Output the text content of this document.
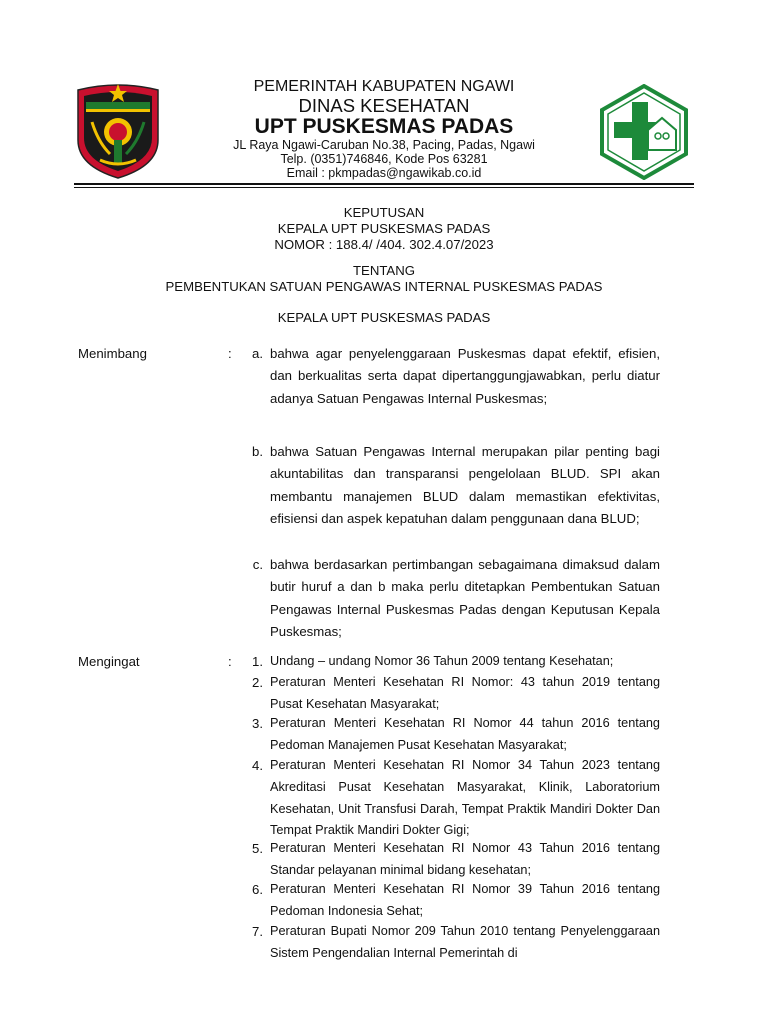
PEMERINTAH KABUPATEN NGAWI
DINAS KESEHATAN
UPT PUSKESMAS PADAS
JL Raya Ngawi-Caruban No.38, Pacing, Padas, Ngawi
Telp. (0351)746846, Kode Pos 63281
Email : pkmpadas@ngawikab.co.id
KEPUTUSAN
KEPALA UPT PUSKESMAS PADAS
NOMOR : 188.4/ /404. 302.4.07/2023
TENTANG
PEMBENTUKAN SATUAN PENGAWAS INTERNAL PUSKESMAS PADAS
KEPALA UPT PUSKESMAS PADAS
Menimbang	:	a. bahwa agar penyelenggaraan Puskesmas dapat efektif, efisien, dan berkualitas serta dapat dipertanggungjawabkan, perlu diatur adanya Satuan Pengawas Internal Puskesmas;
b. bahwa Satuan Pengawas Internal merupakan pilar penting bagi akuntabilitas dan transparansi pengelolaan BLUD. SPI akan membantu manajemen BLUD dalam memastikan efektivitas, efisiensi dan aspek kepatuhan dalam penggunaan dana BLUD;
c. bahwa berdasarkan pertimbangan sebagaimana dimaksud dalam butir huruf a dan b maka perlu ditetapkan Pembentukan Satuan Pengawas Internal Puskesmas Padas dengan Keputusan Kepala Puskesmas;
Mengingat	:	1. Undang – undang Nomor 36 Tahun 2009 tentang Kesehatan;
2. Peraturan Menteri Kesehatan RI Nomor: 43 tahun 2019 tentang Pusat Kesehatan Masyarakat;
3. Peraturan Menteri Kesehatan RI Nomor 44 tahun 2016 tentang Pedoman Manajemen Pusat Kesehatan Masyarakat;
4. Peraturan Menteri Kesehatan RI Nomor 34 Tahun 2023 tentang Akreditasi Pusat Kesehatan Masyarakat, Klinik, Laboratorium Kesehatan, Unit Transfusi Darah, Tempat Praktik Mandiri Dokter Dan Tempat Praktik Mandiri Dokter Gigi;
5. Peraturan Menteri Kesehatan RI Nomor 43 Tahun 2016 tentang Standar pelayanan minimal bidang kesehatan;
6. Peraturan Menteri Kesehatan RI Nomor 39 Tahun 2016 tentang Pedoman Indonesia Sehat;
7. Peraturan Bupati Nomor 209 Tahun 2010 tentang Penyelenggaraan Sistem Pengendalian Internal Pemerintah di
